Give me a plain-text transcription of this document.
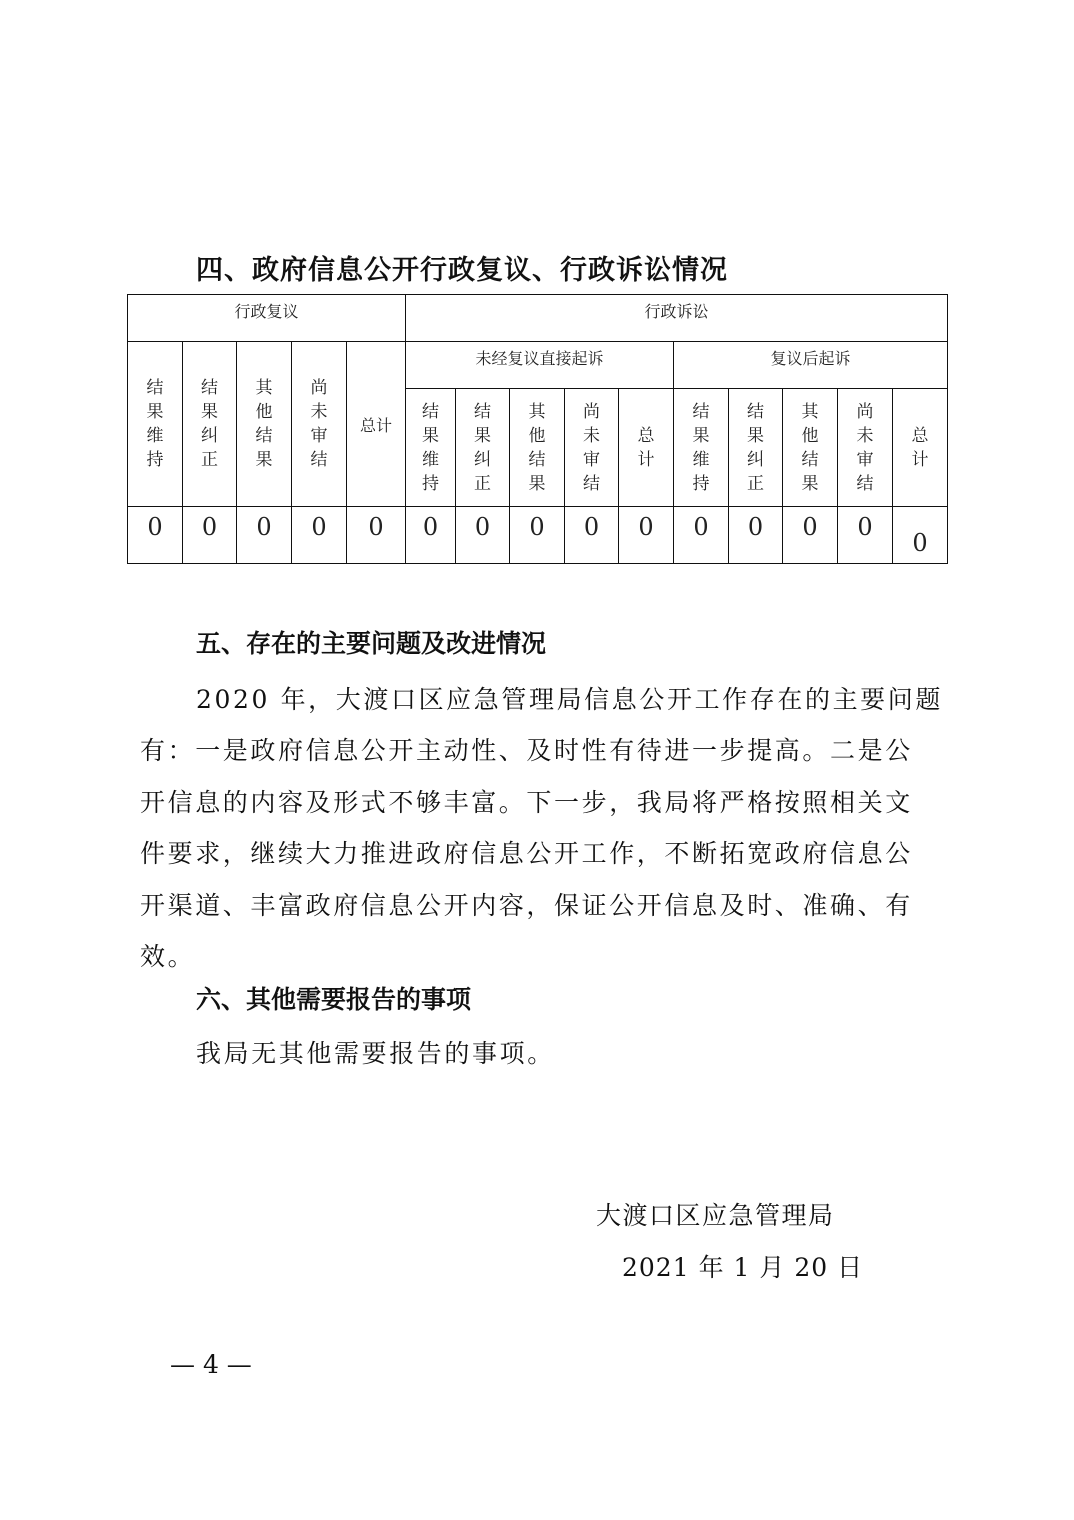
四、政府信息公开行政复议、行政诉讼情况
行政复议					行政诉讼									
结果维持	结果纠正	其他结果	尚未审结	总计	未经复议直接起诉					复议后起诉				
					结果维持	结果纠正	其他结果	尚未审结	总计	结果维持	结果纠正	其他结果	尚未审结	总计
0	0	0	0	0	0	0	0	0	0	0	0	0	0	0
五、存在的主要问题及改进情况
2020 年，大渡口区应急管理局信息公开工作存在的主要问题
有：一是政府信息公开主动性、及时性有待进一步提高。二是公
开信息的内容及形式不够丰富。下一步，我局将严格按照相关文
件要求，继续大力推进政府信息公开工作，不断拓宽政府信息公
开渠道、丰富政府信息公开内容，保证公开信息及时、准确、有
效。
六、其他需要报告的事项
我局无其他需要报告的事项。
大渡口区应急管理局
2021 年 1 月 20 日
— 4 —
